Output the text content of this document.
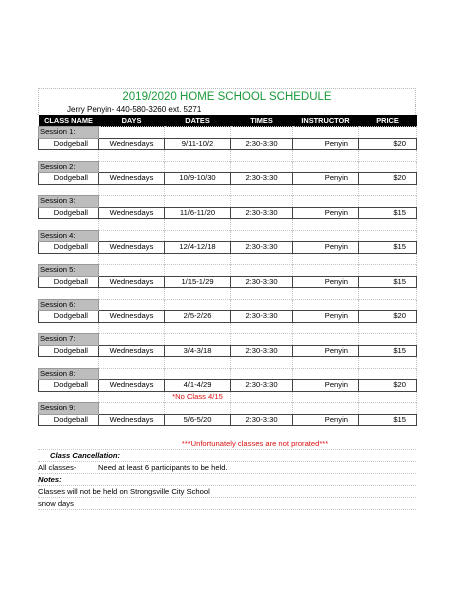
2019/2020 HOME SCHOOL SCHEDULE
Jerry Penyin- 440-580-3260 ext. 5271
CLASS NAME	DAYS	DATES	TIMES	INSTRUCTOR	PRICE
Session 1:					
Dodgeball	Wednesdays	9/11-10/2	2:30-3:30	Penyin	$20

Session 2:					
Dodgeball	Wednesdays	10/9-10/30	2:30-3:30	Penyin	$20

Session 3:					
Dodgeball	Wednesdays	11/6-11/20	2:30-3:30	Penyin	$15

Session 4:					
Dodgeball	Wednesdays	12/4-12/18	2:30-3:30	Penyin	$15

Session 5:					
Dodgeball	Wednesdays	1/15-1/29	2:30-3:30	Penyin	$15

Session 6:					
Dodgeball	Wednesdays	2/5-2/26	2:30-3:30	Penyin	$20

Session 7:					
Dodgeball	Wednesdays	3/4-3/18	2:30-3:30	Penyin	$15

Session 8:					
Dodgeball	Wednesdays	4/1-4/29	2:30-3:30	Penyin	$20
		*No Class 4/15			
Session 9:					
Dodgeball	Wednesdays	5/6-5/20	2:30-3:30	Penyin	$15
***Unfortunately classes are not prorated***
Class Cancellation:
All classes-	Need at least 6 participants to be held.
Notes:
Classes will not be held on Strongsville City School
snow days
